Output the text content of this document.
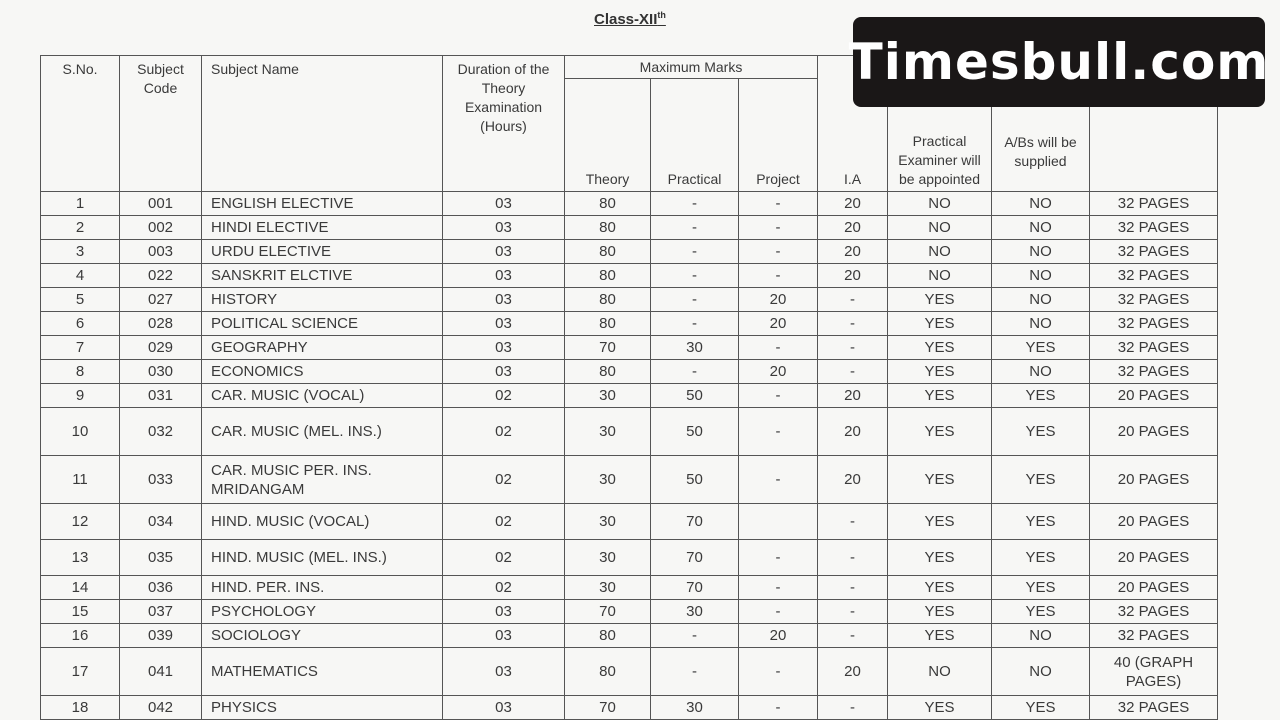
Class-XIIth
Timesbull.com
S.No.	Subject Code	Subject Name	Duration of the Theory Examination (Hours)	Maximum Marks			I.A	Practical Examiner will be appointed	A/Bs will be supplied	
				Theory	Practical	Project				
1	001	ENGLISH ELECTIVE	03	80	-	-	20	NO	NO	32 PAGES
2	002	HINDI ELECTIVE	03	80	-	-	20	NO	NO	32 PAGES
3	003	URDU ELECTIVE	03	80	-	-	20	NO	NO	32 PAGES
4	022	SANSKRIT ELCTIVE	03	80	-	-	20	NO	NO	32 PAGES
5	027	HISTORY	03	80	-	20	-	YES	NO	32 PAGES
6	028	POLITICAL SCIENCE	03	80	-	20	-	YES	NO	32 PAGES
7	029	GEOGRAPHY	03	70	30	-	-	YES	YES	32 PAGES
8	030	ECONOMICS	03	80	-	20	-	YES	NO	32 PAGES
9	031	CAR. MUSIC (VOCAL)	02	30	50	-	20	YES	YES	20 PAGES
10	032	CAR. MUSIC (MEL. INS.)	02	30	50	-	20	YES	YES	20 PAGES
11	033	CAR. MUSIC PER. INS. MRIDANGAM	02	30	50	-	20	YES	YES	20 PAGES
12	034	HIND. MUSIC (VOCAL)	02	30	70		-	YES	YES	20 PAGES
13	035	HIND. MUSIC (MEL. INS.)	02	30	70	-	-	YES	YES	20 PAGES
14	036	HIND. PER. INS.	02	30	70	-	-	YES	YES	20 PAGES
15	037	PSYCHOLOGY	03	70	30	-	-	YES	YES	32 PAGES
16	039	SOCIOLOGY	03	80	-	20	-	YES	NO	32 PAGES
17	041	MATHEMATICS	03	80	-	-	20	NO	NO	40 (GRAPH PAGES)
18	042	PHYSICS	03	70	30	-	-	YES	YES	32 PAGES
